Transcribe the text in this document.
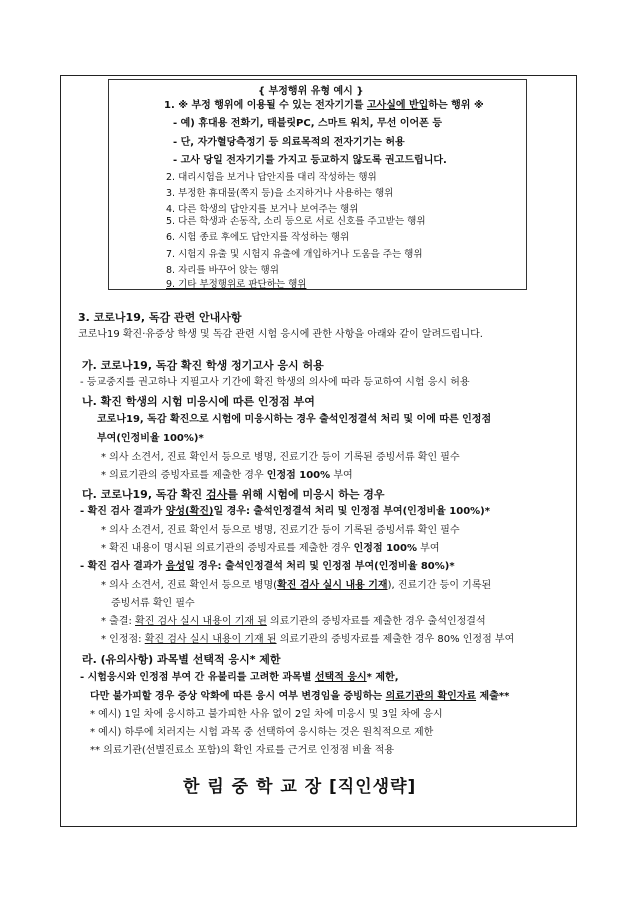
{ 부정행위 유형 예시 }
1. ※ 부정 행위에 이용될 수 있는 전자기기를 고사실에 반입하는 행위 ※
- 예) 휴대용 전화기, 태블릿PC, 스마트 워치, 무선 이어폰 등
- 단, 자가혈당측정기 등 의료목적의 전자기기는 허용
- 고사 당일 전자기기를 가지고 등교하지 않도록 권고드립니다.
2. 대리시험을 보거나 답안지를 대리 작성하는 행위
3. 부정한 휴대물(쪽지 등)을 소지하거나 사용하는 행위
4. 다른 학생의 답안지를 보거나 보여주는 행위
5. 다른 학생과 손동작, 소리 등으로 서로 신호를 주고받는 행위
6. 시험 종료 후에도 답안지를 작성하는 행위
7. 시험지 유출 및 시험지 유출에 개입하거나 도움을 주는 행위
8. 자리를 바꾸어 앉는 행위
9. 기타 부정행위로 판단하는 행위
3. 코로나19, 독감 관련 안내사항
코로나19 확진·유증상 학생 및 독감 관련 시험 응시에 관한 사항을 아래와 같이 알려드립니다.
가. 코로나19, 독감 확진 학생 정기고사 응시 허용
- 등교중지를 권고하나 지필고사 기간에 확진 학생의 의사에 따라 등교하여 시험 응시 허용
나. 확진 학생의 시험 미응시에 따른 인정점 부여
코로나19, 독감 확진으로 시험에 미응시하는 경우 출석인정결석 처리 및 이에 따른 인정점
부여(인정비율 100%)*
* 의사 소견서, 진료 확인서 등으로 병명, 진료기간 등이 기록된 증빙서류 확인 필수
* 의료기관의 증빙자료를 제출한 경우 인정점 100% 부여
다. 코로나19, 독감 확진 검사를 위해 시험에 미응시 하는 경우
- 확진 검사 결과가 양성(확진)일 경우: 출석인정결석 처리 및 인정점 부여(인정비율 100%)*
* 의사 소견서, 진료 확인서 등으로 병명, 진료기간 등이 기록된 증빙서류 확인 필수
* 확진 내용이 명시된 의료기관의 증빙자료를 제출한 경우 인정점 100% 부여
- 확진 검사 결과가 음성일 경우: 출석인정결석 처리 및 인정점 부여(인정비율 80%)*
* 의사 소견서, 진료 확인서 등으로 병명(확진 검사 실시 내용 기재), 진료기간 등이 기록된
증빙서류 확인 필수
* 출결: 확진 검사 실시 내용이 기재 된 의료기관의 증빙자료를 제출한 경우 출석인정결석
* 인정점: 확진 검사 실시 내용이 기재 된 의료기관의 증빙자료를 제출한 경우 80% 인정점 부여
라. (유의사항) 과목별 선택적 응시* 제한
- 시험응시와 인정점 부여 간 유불리를 고려한 과목별 선택적 응시* 제한,
다만 불가피할 경우 증상 악화에 따른 응시 여부 변경임을 증빙하는 의료기관의 확인자료 제출**
* 예시) 1일 차에 응시하고 불가피한 사유 없이 2일 차에 미응시 및 3일 차에 응시
* 예시) 하루에 치러지는 시험 과목 중 선택하여 응시하는 것은 원칙적으로 제한
** 의료기관(선별진료소 포함)의 확인 자료를 근거로 인정점 비율 적용
한 림 중 학 교 장 [직인생략]
